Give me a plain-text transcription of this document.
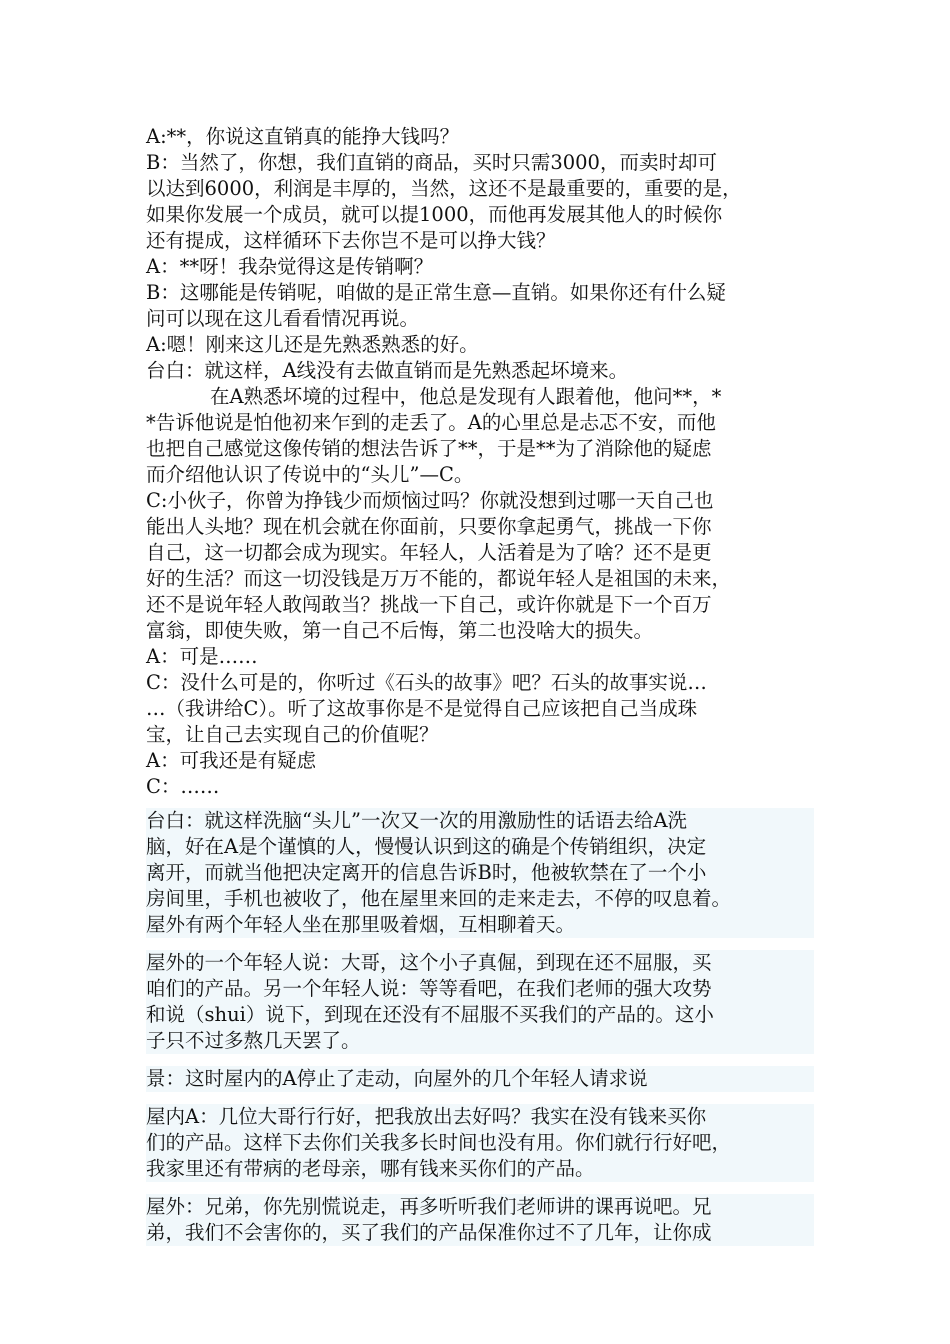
A:**，你说这直销真的能挣大钱吗？

B：当然了，你想，我们直销的商品，买时只需3000，而卖时却可

以达到6000，利润是丰厚的，当然，这还不是最重要的，重要的是，

如果你发展一个成员，就可以提1000，而他再发展其他人的时候你

还有提成，这样循环下去你岂不是可以挣大钱？

A：**呀！我杂觉得这是传销啊？

B：这哪能是传销呢，咱做的是正常生意—直销。如果你还有什么疑

问可以现在这儿看看情况再说。

A:嗯！刚来这儿还是先熟悉熟悉的好。

台白：就这样，A线没有去做直销而是先熟悉起坏境来。

在A熟悉坏境的过程中，他总是发现有人跟着他，他问**，*

*告诉他说是怕他初来乍到的走丢了。A的心里总是忐忑不安，而他

也把自己感觉这像传销的想法告诉了**，于是**为了消除他的疑虑

而介绍他认识了传说中的“头儿”—C。

C:小伙子，你曾为挣钱少而烦恼过吗？你就没想到过哪一天自己也

能出人头地？现在机会就在你面前，只要你拿起勇气，挑战一下你

自己，这一切都会成为现实。年轻人，人活着是为了啥？还不是更

好的生活？而这一切没钱是万万不能的，都说年轻人是祖国的未来，

还不是说年轻人敢闯敢当？挑战一下自己，或许你就是下一个百万

富翁，即使失败，第一自己不后悔，第二也没啥大的损失。

A：可是……

C：没什么可是的，你听过《石头的故事》吧？石头的故事实说…

…（我讲给C）。听了这故事你是不是觉得自己应该把自己当成珠

宝，让自己去实现自己的价值呢？

A：可我还是有疑虑

C：……

台白：就这样洗脑“头儿”一次又一次的用激励性的话语去给A洗

脑，好在A是个谨慎的人，慢慢认识到这的确是个传销组织，决定

离开，而就当他把决定离开的信息告诉B时，他被软禁在了一个小

房间里，手机也被收了，他在屋里来回的走来走去，不停的叹息着。

屋外有两个年轻人坐在那里吸着烟，互相聊着天。

屋外的一个年轻人说：大哥，这个小子真倔，到现在还不屈服，买

咱们的产品。另一个年轻人说：等等看吧，在我们老师的强大攻势

和说（shui）说下，到现在还没有不屈服不买我们的产品的。这小

子只不过多熬几天罢了。

景：这时屋内的A停止了走动，向屋外的几个年轻人请求说

屋内A：几位大哥行行好，把我放出去好吗？我实在没有钱来买你

们的产品。这样下去你们关我多长时间也没有用。你们就行行好吧，

我家里还有带病的老母亲，哪有钱来买你们的产品。

屋外：兄弟，你先别慌说走，再多听听我们老师讲的课再说吧。兄

弟，我们不会害你的，买了我们的产品保准你过不了几年，让你成
